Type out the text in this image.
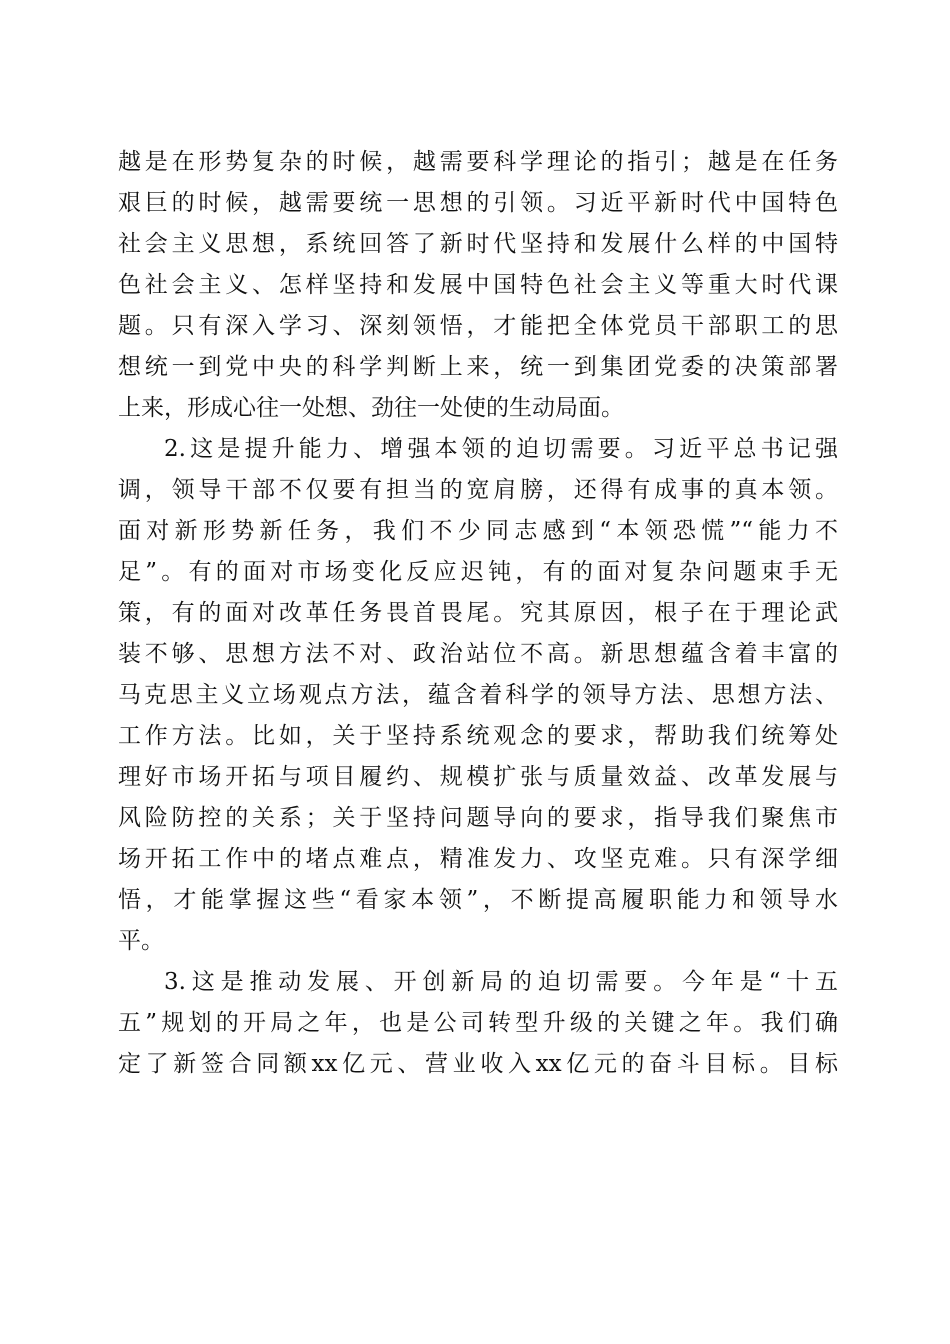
越是在形势复杂的时候，越需要科学理论的指引；越是在任务
艰巨的时候，越需要统一思想的引领。习近平新时代中国特色
社会主义思想，系统回答了新时代坚持和发展什么样的中国特
色社会主义、怎样坚持和发展中国特色社会主义等重大时代课
题。只有深入学习、深刻领悟，才能把全体党员干部职工的思
想统一到党中央的科学判断上来，统一到集团党委的决策部署
上来，形成心往一处想、劲往一处使的生动局面。
2.这是提升能力、增强本领的迫切需要。习近平总书记强
调，领导干部不仅要有担当的宽肩膀，还得有成事的真本领。
面对新形势新任务，我们不少同志感到“本领恐慌”“能力不
足”。有的面对市场变化反应迟钝，有的面对复杂问题束手无
策，有的面对改革任务畏首畏尾。究其原因，根子在于理论武
装不够、思想方法不对、政治站位不高。新思想蕴含着丰富的
马克思主义立场观点方法，蕴含着科学的领导方法、思想方法、
工作方法。比如，关于坚持系统观念的要求，帮助我们统筹处
理好市场开拓与项目履约、规模扩张与质量效益、改革发展与
风险防控的关系；关于坚持问题导向的要求，指导我们聚焦市
场开拓工作中的堵点难点，精准发力、攻坚克难。只有深学细
悟，才能掌握这些“看家本领”，不断提高履职能力和领导水
平。
3.这是推动发展、开创新局的迫切需要。今年是“十五
五”规划的开局之年，也是公司转型升级的关键之年。我们确
定了新签合同额xx亿元、营业收入xx亿元的奋斗目标。目标
